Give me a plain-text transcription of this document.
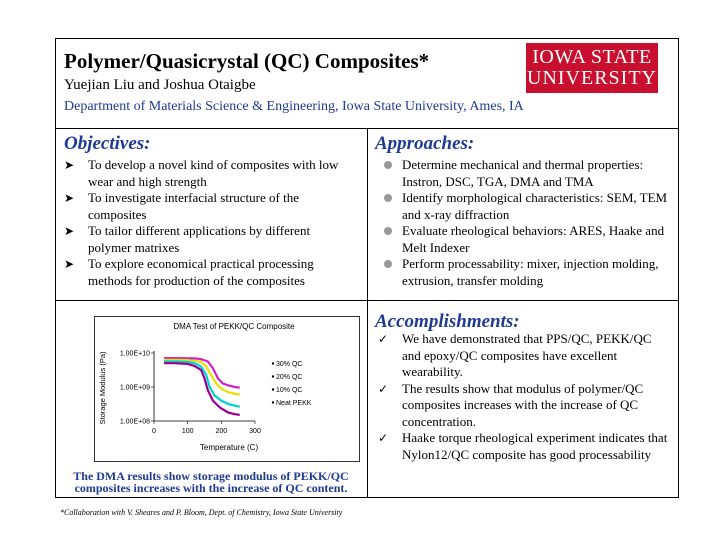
Polymer/Quasicrystal (QC) Composites*
Yuejian Liu and Joshua Otaigbe
Department of Materials Science & Engineering, Iowa State University, Ames, IA
IOWA STATE
UNIVERSITY
Objectives:
➤ To develop a novel kind of composites with low wear and high strength
➤ To investigate interfacial structure of the composites
➤ To tailor different applications by different polymer matrixes
➤ To explore economical practical processing methods for production of the composites
Approaches:
Determine mechanical and thermal properties: Instron, DSC, TGA, DMA and TMA
Identify morphological characteristics: SEM, TEM and x-ray diffraction
Evaluate rheological behaviors: ARES, Haake and Melt Indexer
Perform processability: mixer, injection molding, extrusion, transfer molding
Accomplishments:
✓ We have demonstrated that PPS/QC, PEKK/QC and epoxy/QC composites have excellent wearability.
✓ The results show that modulus of polymer/QC composites increases with the increase of QC concentration.
✓ Haake torque rheological experiment indicates that Nylon12/QC composite has good processability
DMA Test of PEKK/QC Composite
Temperature (C)
Storage Modulus (Pa) 1.00E+10
1.00E+09
1.00E+08
0	100	200	300
30% QC
20% QC
10% QC
Neat PEKK
The DMA results show storage modulus of PEKK/QC composites increases with the increase of QC content.
*Collaboration with V. Sheares and P. Bloom, Dept. of Chemistry, Iowa State University
